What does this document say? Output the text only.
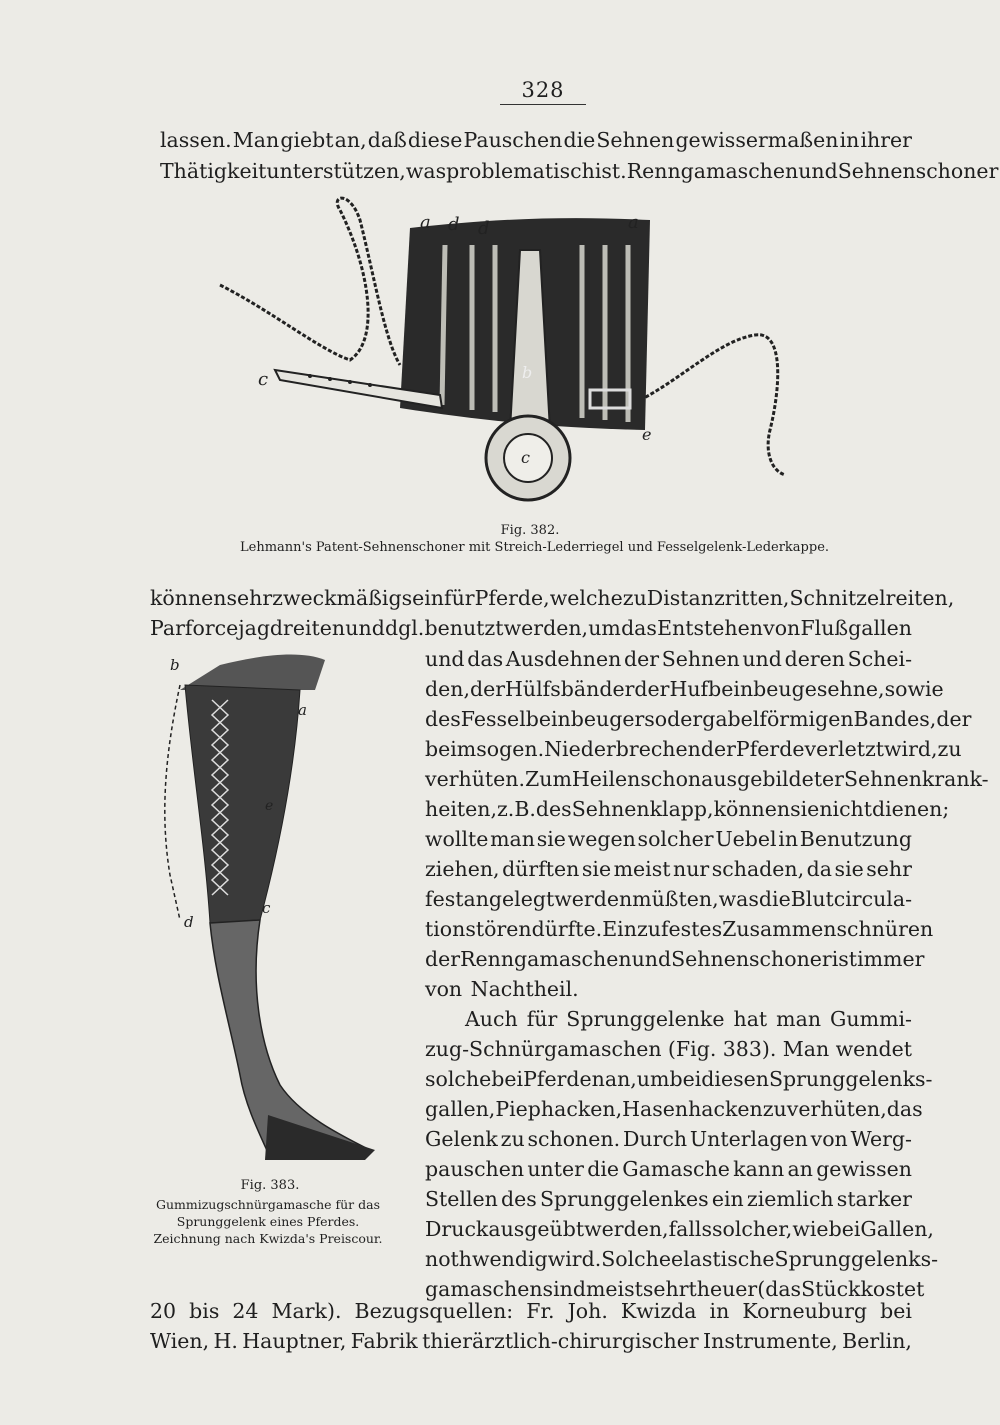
328
lassen. Man giebt an, daß diese Pauschen die Sehnen gewissermaßen in ihrer
Thätigkeit unterstützen, was problematisch ist. Renngamaschen und Sehnenschoner
a d d	a
c	b
c
e
Fig. 382.
Lehmann's Patent-Sehnenschoner mit Streich-Lederriegel und Fesselgelenk-Lederkappe.
können sehr zweckmäßig sein für Pferde, welche zu Distanzritten, Schnitzelreiten,
Parforcejagdreiten und dgl. benutzt werden, um das Entstehen von Flußgallen
b
a
e
d
c
Fig. 383.
Gummizugschnürgamasche für das
Sprunggelenk eines Pferdes.
Zeichnung nach Kwizda's Preiscour.
und das Ausdehnen der Sehnen und deren Schei-
den, der Hülfsbänder der Hufbeinbeugesehne, sowie
des Fesselbeinbeugers oder gabelförmigen Bandes, der
beim sogen. Niederbrechen der Pferde verletzt wird, zu
verhüten. Zum Heilen schon ausgebildeter Sehnenkrank-
heiten, z. B. des Sehnenklapp, können sie nicht dienen;
wollte man sie wegen solcher Uebel in Benutzung
ziehen, dürften sie meist nur schaden, da sie sehr
fest angelegt werden müßten, was die Blutcircula-
tion stören dürfte. Ein zu festes Zusammenschnüren
der Renngamaschen und Sehnenschoner ist immer
von Nachtheil.
Auch für Sprunggelenke hat man Gummi-
zug-Schnürgamaschen (Fig. 383). Man wendet
solche bei Pferden an, um bei diesen Sprunggelenks-
gallen, Piephacken, Hasenhacken zu verhüten, das
Gelenk zu schonen. Durch Unterlagen von Werg-
pauschen unter die Gamasche kann an gewissen
Stellen des Sprunggelenkes ein ziemlich starker
Druck ausgeübt werden, falls solcher, wie bei Gallen,
nothwendig wird. Solche elastische Sprunggelenks-
gamaschen sind meist sehr theuer (das Stück kostet
20 bis 24 Mark). Bezugsquellen: Fr. Joh. Kwizda in Korneuburg bei
Wien, H. Hauptner, Fabrik thierärztlich-chirurgischer Instrumente, Berlin,
